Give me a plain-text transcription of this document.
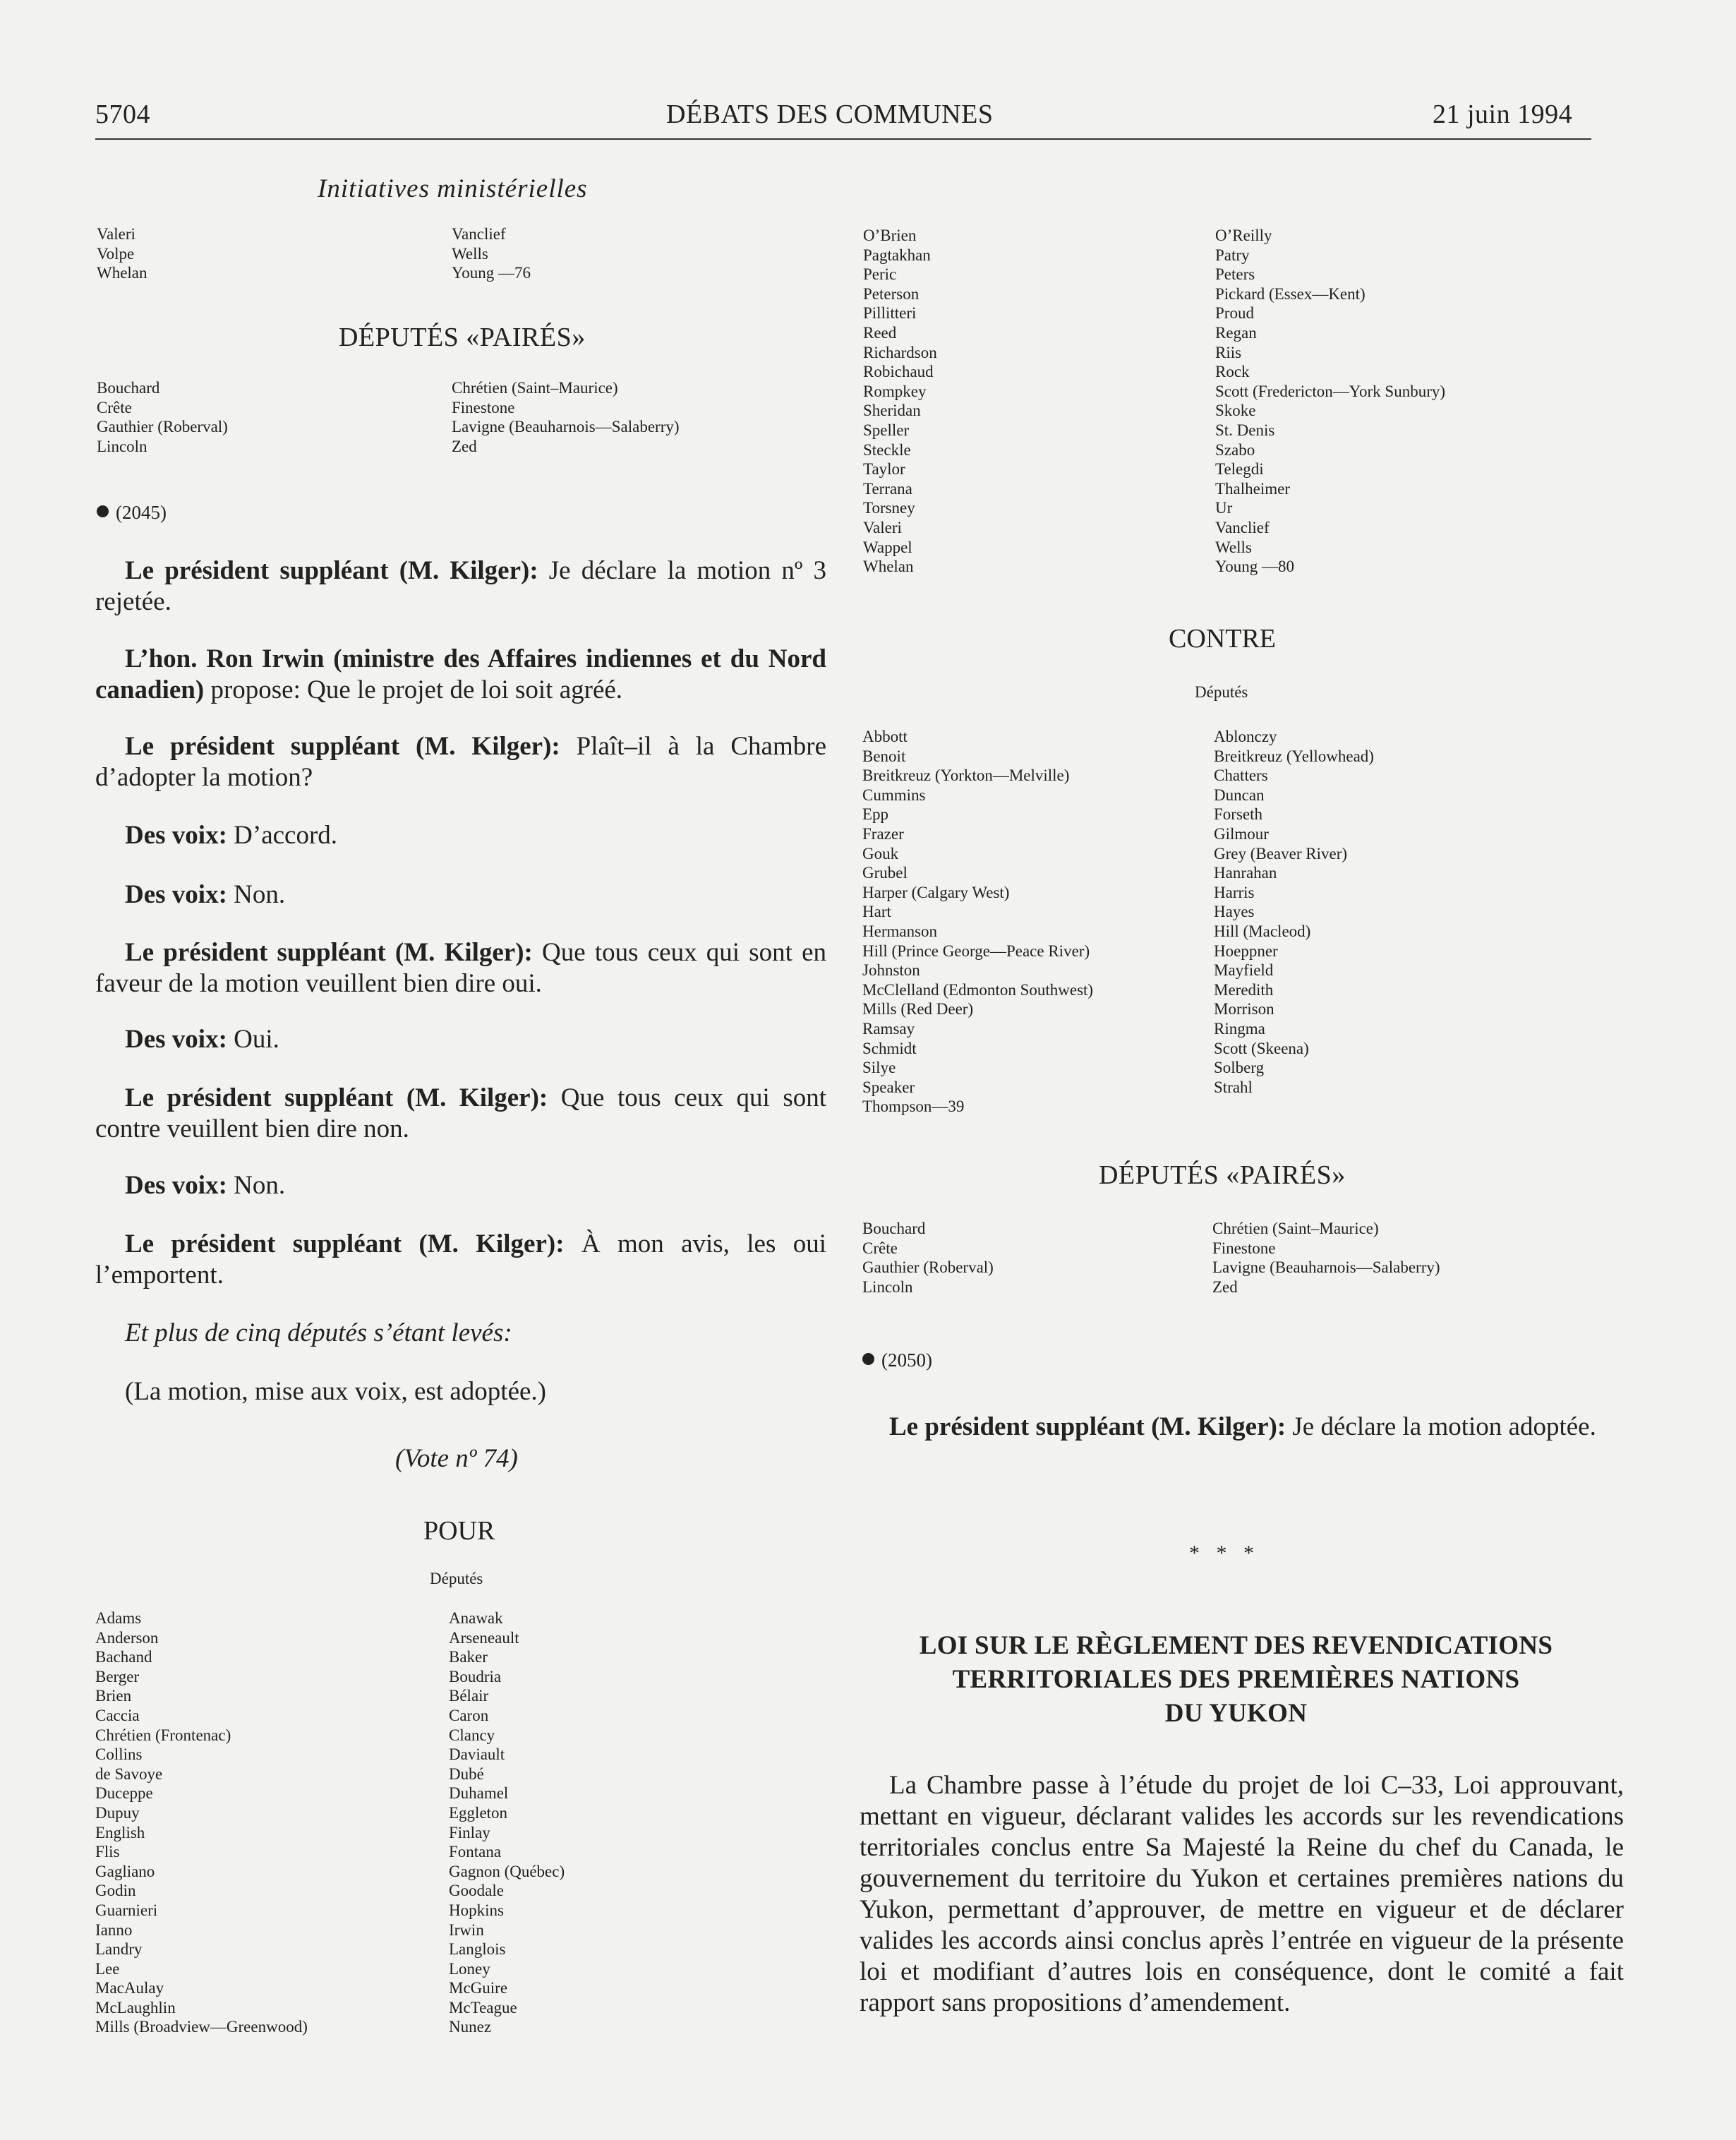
5704	DÉBATS DES COMMUNES	21 juin 1994
Initiatives ministérielles
Valeri
Volpe
Whelan
Vanclief
Wells
Young —76
DÉPUTÉS «PAIRÉS»
Bouchard
Crête
Gauthier (Roberval)
Lincoln
Chrétien (Saint–Maurice)
Finestone
Lavigne (Beauharnois—Salaberry)
Zed
(2045)
Le président suppléant (M. Kilger): Je déclare la motion nº 3 rejetée.
L’hon. Ron Irwin (ministre des Affaires indiennes et du Nord canadien) propose: Que le projet de loi soit agréé.
Le président suppléant (M. Kilger): Plaît–il à la Chambre d’adopter la motion?
Des voix: D’accord.
Des voix: Non.
Le président suppléant (M. Kilger): Que tous ceux qui sont en faveur de la motion veuillent bien dire oui.
Des voix: Oui.
Le président suppléant (M. Kilger): Que tous ceux qui sont contre veuillent bien dire non.
Des voix: Non.
Le président suppléant (M. Kilger): À mon avis, les oui l’emportent.
Et plus de cinq députés s’étant levés:
(La motion, mise aux voix, est adoptée.)
(Vote nº 74)
POUR
Députés
Adams
Anderson
Bachand
Berger
Brien
Caccia
Chrétien (Frontenac)
Collins
de Savoye
Duceppe
Dupuy
English
Flis
Gagliano
Godin
Guarnieri
Ianno
Landry
Lee
MacAulay
McLaughlin
Mills (Broadview—Greenwood)
Anawak
Arseneault
Baker
Boudria
Bélair
Caron
Clancy
Daviault
Dubé
Duhamel
Eggleton
Finlay
Fontana
Gagnon (Québec)
Goodale
Hopkins
Irwin
Langlois
Loney
McGuire
McTeague
Nunez
O’Brien
Pagtakhan
Peric
Peterson
Pillitteri
Reed
Richardson
Robichaud
Rompkey
Sheridan
Speller
Steckle
Taylor
Terrana
Torsney
Valeri
Wappel
Whelan
O’Reilly
Patry
Peters
Pickard (Essex—Kent)
Proud
Regan
Riis
Rock
Scott (Fredericton—York Sunbury)
Skoke
St. Denis
Szabo
Telegdi
Thalheimer
Ur
Vanclief
Wells
Young —80
CONTRE
Députés
Abbott
Benoit
Breitkreuz (Yorkton—Melville)
Cummins
Epp
Frazer
Gouk
Grubel
Harper (Calgary West)
Hart
Hermanson
Hill (Prince George—Peace River)
Johnston
McClelland (Edmonton Southwest)
Mills (Red Deer)
Ramsay
Schmidt
Silye
Speaker
Thompson—39
Ablonczy
Breitkreuz (Yellowhead)
Chatters
Duncan
Forseth
Gilmour
Grey (Beaver River)
Hanrahan
Harris
Hayes
Hill (Macleod)
Hoeppner
Mayfield
Meredith
Morrison
Ringma
Scott (Skeena)
Solberg
Strahl
DÉPUTÉS «PAIRÉS»
Bouchard
Crête
Gauthier (Roberval)
Lincoln
Chrétien (Saint–Maurice)
Finestone
Lavigne (Beauharnois—Salaberry)
Zed
(2050)
Le président suppléant (M. Kilger): Je déclare la motion adoptée.
* * *
LOI SUR LE RÈGLEMENT DES REVENDICATIONS
TERRITORIALES DES PREMIÈRES NATIONS
DU YUKON
La Chambre passe à l’étude du projet de loi C–33, Loi approuvant, mettant en vigueur, déclarant valides les accords sur les revendications territoriales conclus entre Sa Majesté la Reine du chef du Canada, le gouvernement du territoire du Yukon et certaines premières nations du Yukon, permettant d’approuver, de mettre en vigueur et de déclarer valides les accords ainsi conclus après l’entrée en vigueur de la présente loi et modifiant d’autres lois en conséquence, dont le comité a fait rapport sans propositions d’amendement.
